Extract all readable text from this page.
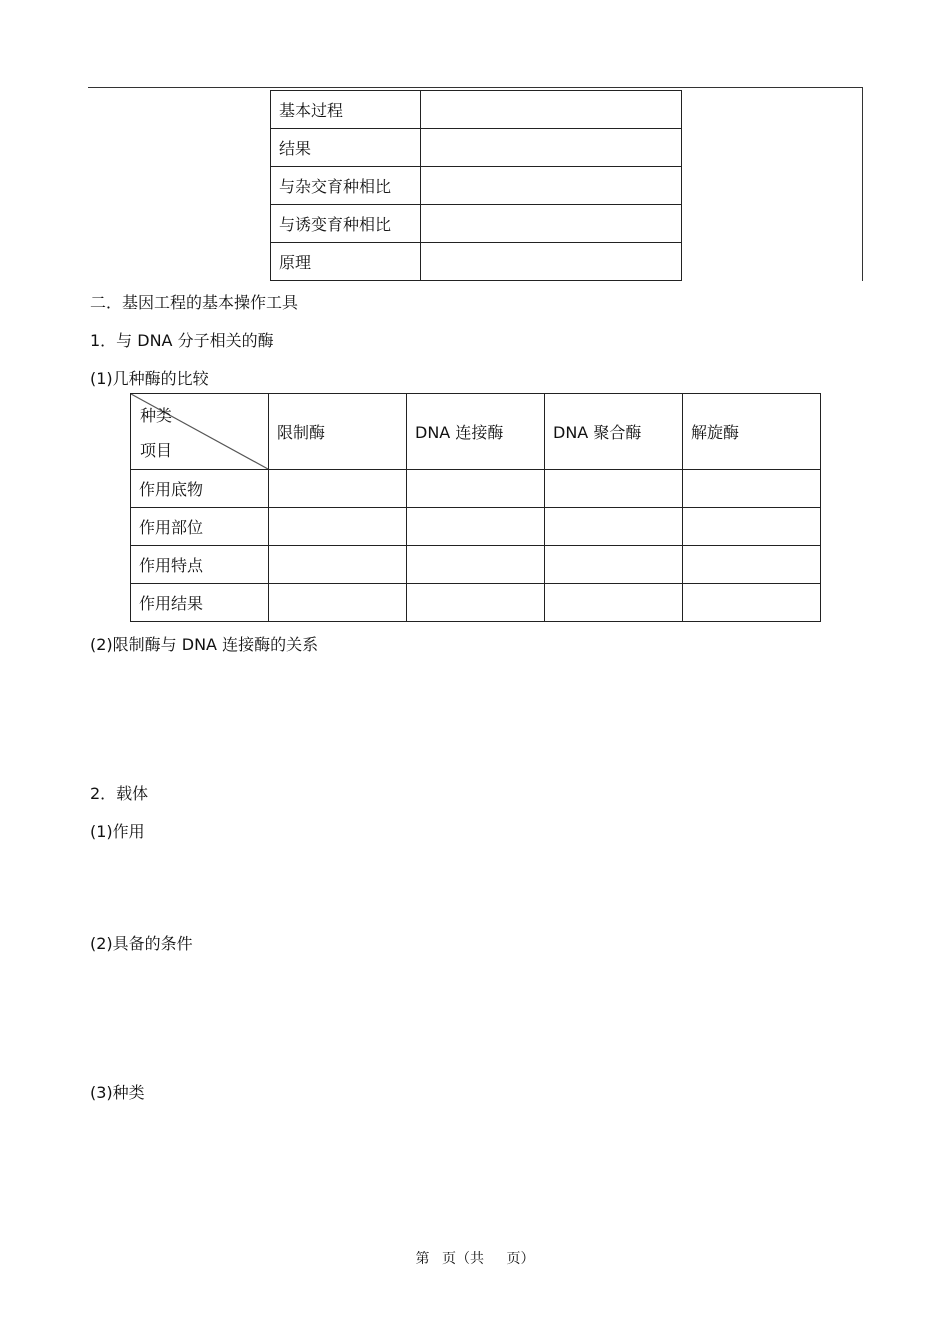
基本过程	
结果	
与杂交育种相比	
与诱变育种相比	
原理	
二．基因工程的基本操作工具
1．与 DNA 分子相关的酶
(1)几种酶的比较
种类
项目	限制酶	DNA 连接酶	DNA 聚合酶	解旋酶
作用底物				
作用部位				
作用特点				
作用结果				
(2)限制酶与 DNA 连接酶的关系
2．载体
(1)作用
(2)具备的条件
(3)种类
第 页（共 页）
